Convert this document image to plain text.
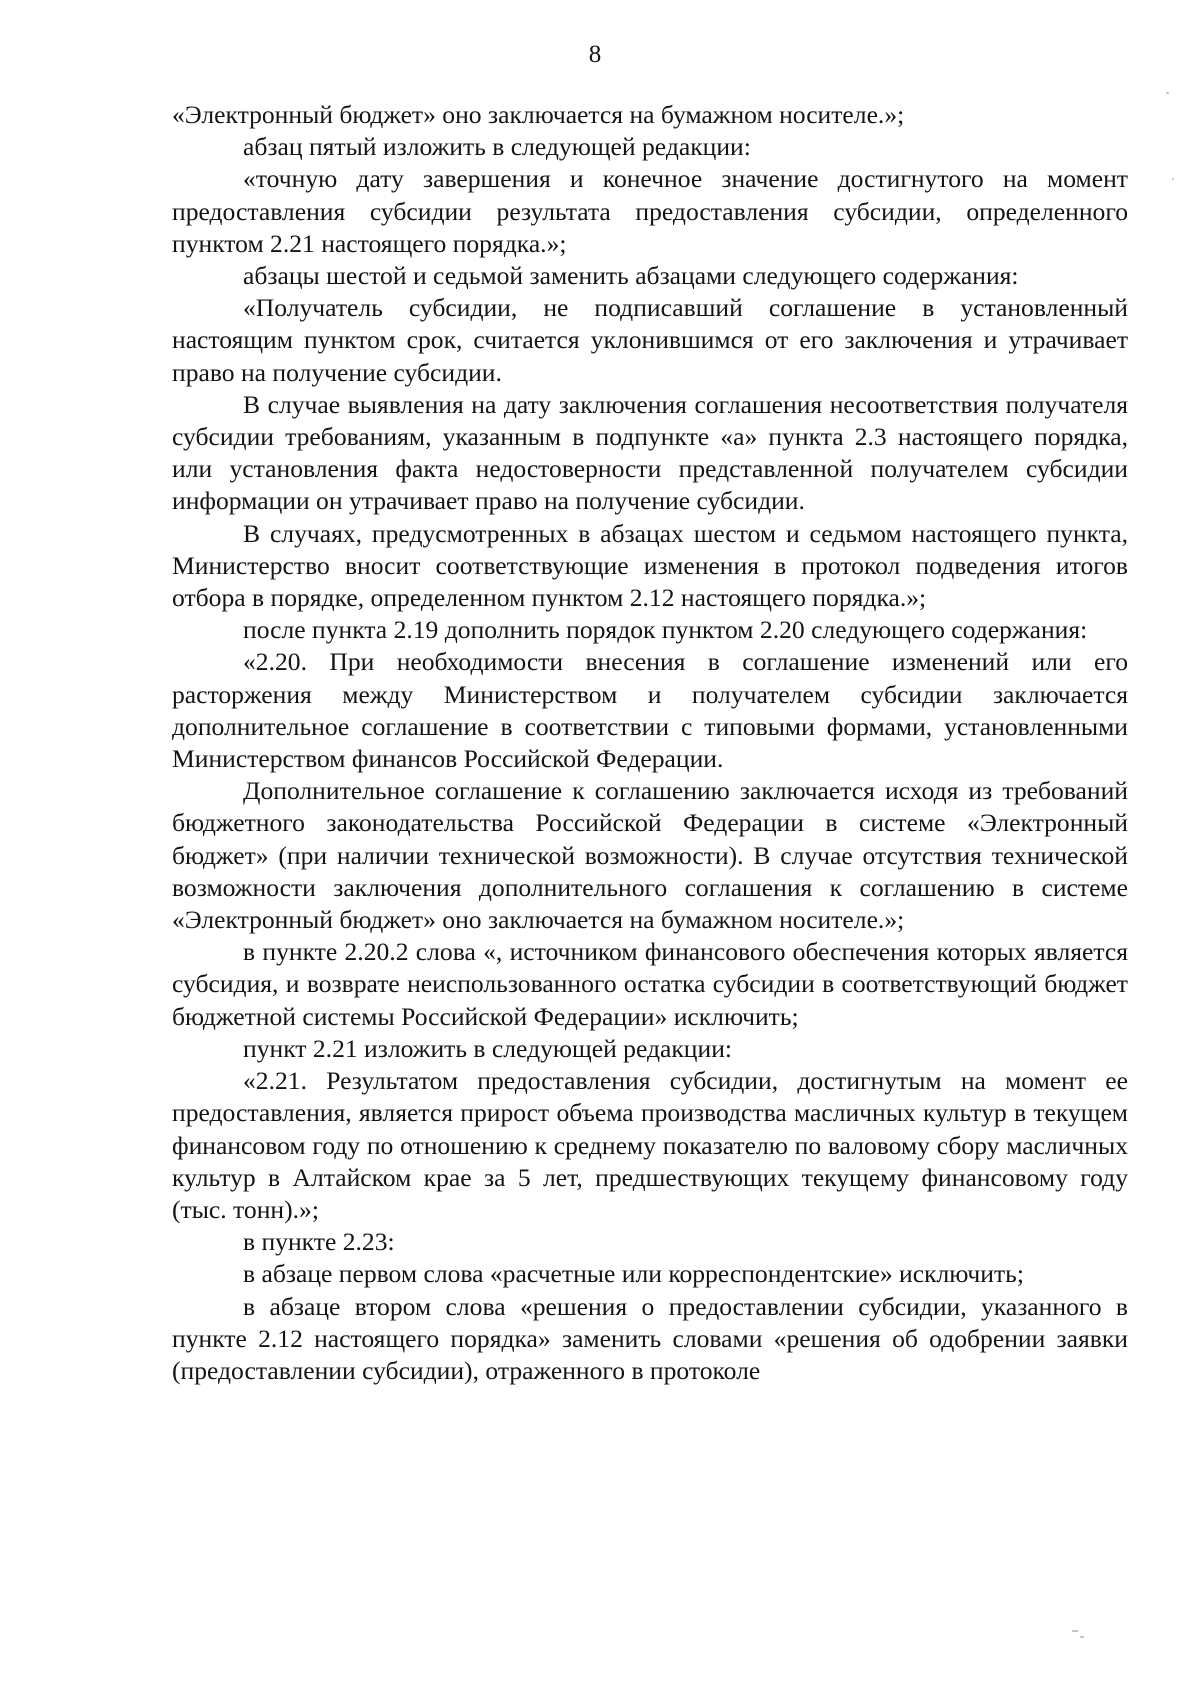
8

«Электронный бюджет» оно заключается на бумажном носителе.»;

абзац пятый изложить в следующей редакции:

«точную дату завершения и конечное значение достигнутого на момент предоставления субсидии результата предоставления субсидии, определенного пунктом 2.21 настоящего порядка.»;

абзацы шестой и седьмой заменить абзацами следующего содержания:

«Получатель субсидии, не подписавший соглашение в установленный настоящим пунктом срок, считается уклонившимся от его заключения и утрачивает право на получение субсидии.

В случае выявления на дату заключения соглашения несоответствия получателя субсидии требованиям, указанным в подпункте «а» пункта 2.3 настоящего порядка, или установления факта недостоверности представленной получателем субсидии информации он утрачивает право на получение субсидии.

В случаях, предусмотренных в абзацах шестом и седьмом настоящего пункта, Министерство вносит соответствующие изменения в протокол подведения итогов отбора в порядке, определенном пунктом 2.12 настоящего порядка.»;

после пункта 2.19 дополнить порядок пунктом 2.20 следующего содержания:

«2.20. При необходимости внесения в соглашение изменений или его расторжения между Министерством и получателем субсидии заключается дополнительное соглашение в соответствии с типовыми формами, установленными Министерством финансов Российской Федерации.

Дополнительное соглашение к соглашению заключается исходя из требований бюджетного законодательства Российской Федерации в системе «Электронный бюджет» (при наличии технической возможности). В случае отсутствия технической возможности заключения дополнительного соглашения к соглашению в системе «Электронный бюджет» оно заключается на бумажном носителе.»;

в пункте 2.20.2 слова «, источником финансового обеспечения которых является субсидия, и возврате неиспользованного остатка субсидии в соответствующий бюджет бюджетной системы Российской Федерации» исключить;

пункт 2.21 изложить в следующей редакции:

«2.21. Результатом предоставления субсидии, достигнутым на момент ее предоставления, является прирост объема производства масличных культур в текущем финансовом году по отношению к среднему показателю по валовому сбору масличных культур в Алтайском крае за 5 лет, предшествующих текущему финансовому году (тыс. тонн).»;

в пункте 2.23:

в абзаце первом слова «расчетные или корреспондентские» исключить;

в абзаце втором слова «решения о предоставлении субсидии, указанного в пункте 2.12 настоящего порядка» заменить словами «решения об одобрении заявки (предоставлении субсидии), отраженного в протоколе
